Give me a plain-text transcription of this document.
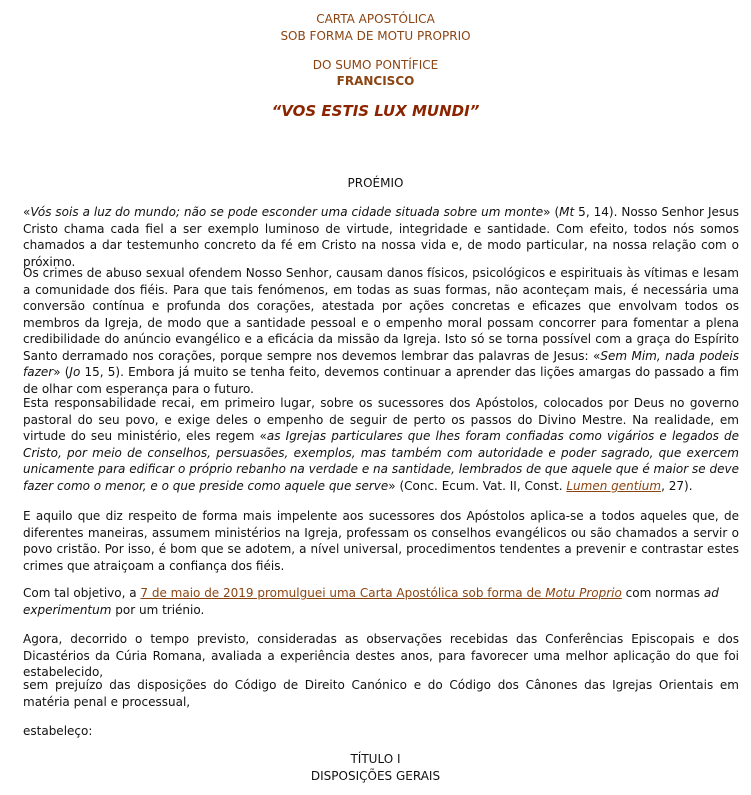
CARTA APOSTÓLICA
SOB FORMA DE MOTU PROPRIO
DO SUMO PONTÍFICE
FRANCISCO
“VOS ESTIS LUX MUNDI”
PROÉMIO

«Vós sois a luz do mundo; não se pode esconder uma cidade situada sobre um monte» (Mt 5, 14). Nosso Senhor Jesus Cristo chama cada fiel a ser exemplo luminoso de virtude, integridade e santidade. Com efeito, todos nós somos chamados a dar testemunho concreto da fé em Cristo na nossa vida e, de modo particular, na nossa relação com o próximo.

Os crimes de abuso sexual ofendem Nosso Senhor, causam danos físicos, psicológicos e espirituais às vítimas e lesam a comunidade dos fiéis. Para que tais fenómenos, em todas as suas formas, não aconteçam mais, é necessária uma conversão contínua e profunda dos corações, atestada por ações concretas e eficazes que envolvam todos os membros da Igreja, de modo que a santidade pessoal e o empenho moral possam concorrer para fomentar a plena credibilidade do anúncio evangélico e a eficácia da missão da Igreja. Isto só se torna possível com a graça do Espírito Santo derramado nos corações, porque sempre nos devemos lembrar das palavras de Jesus: «Sem Mim, nada podeis fazer» (Jo 15, 5). Embora já muito se tenha feito, devemos continuar a aprender das lições amargas do passado a fim de olhar com esperança para o futuro.

Esta responsabilidade recai, em primeiro lugar, sobre os sucessores dos Apóstolos, colocados por Deus no governo pastoral do seu povo, e exige deles o empenho de seguir de perto os passos do Divino Mestre. Na realidade, em virtude do seu ministério, eles regem «as Igrejas particulares que lhes foram confiadas como vigários e legados de Cristo, por meio de conselhos, persuasões, exemplos, mas também com autoridade e poder sagrado, que exercem unicamente para edificar o próprio rebanho na verdade e na santidade, lembrados de que aquele que é maior se deve fazer como o menor, e o que preside como aquele que serve» (Conc. Ecum. Vat. II, Const. Lumen gentium, 27).

E aquilo que diz respeito de forma mais impelente aos sucessores dos Apóstolos aplica-se a todos aqueles que, de diferentes maneiras, assumem ministérios na Igreja, professam os conselhos evangélicos ou são chamados a servir o povo cristão. Por isso, é bom que se adotem, a nível universal, procedimentos tendentes a prevenir e contrastar estes crimes que atraiçoam a confiança dos fiéis.

Com tal objetivo, a 7 de maio de 2019 promulguei uma Carta Apostólica sob forma de Motu Proprio com normas ad experimentum por um triénio.

Agora, decorrido o tempo previsto, consideradas as observações recebidas das Conferências Episcopais e dos Dicastérios da Cúria Romana, avaliada a experiência destes anos, para favorecer uma melhor aplicação do que foi estabelecido,

sem prejuízo das disposições do Código de Direito Canónico e do Código dos Cânones das Igrejas Orientais em matéria penal e processual,

estabeleço:

TÍTULO I
DISPOSIÇÕES GERAIS
